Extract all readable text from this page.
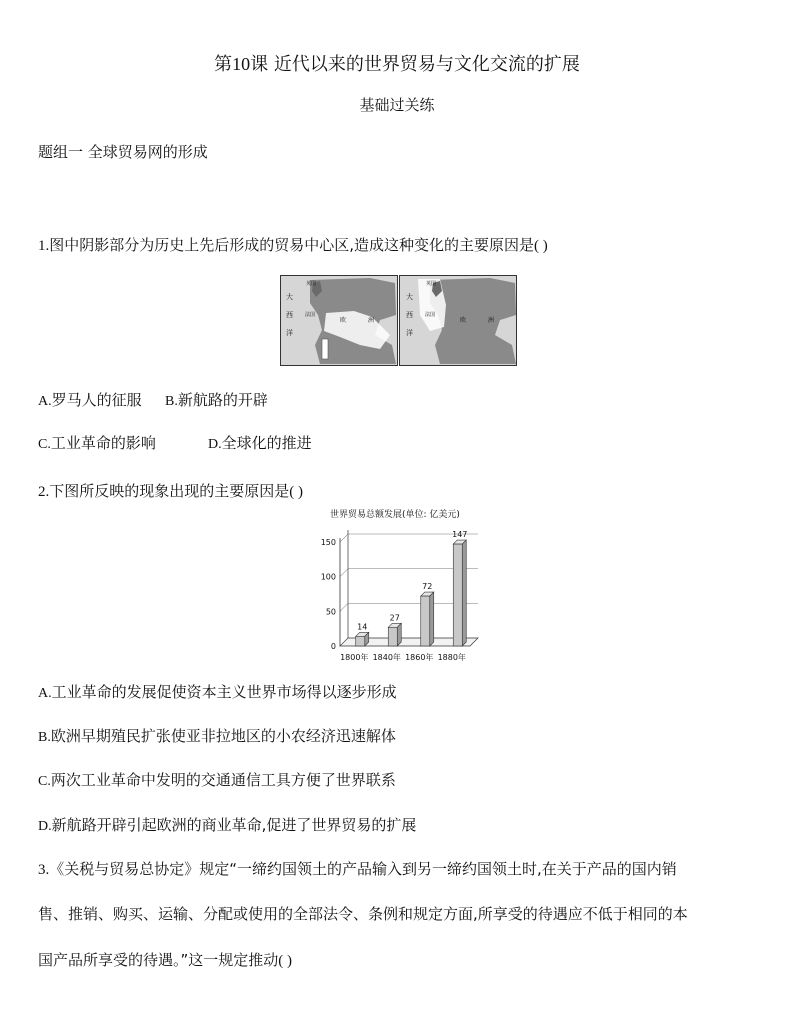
第10课 近代以来的世界贸易与文化交流的扩展
基础过关练
题组一 全球贸易网的形成
1.图中阴影部分为历史上先后形成的贸易中心区,造成这种变化的主要原因是( )
英国
法国
大
西
洋
欧	洲
英国
法国
大
西
洋
欧	洲
A.罗马人的征服 B.新航路的开辟
C.工业革命的影响	D.全球化的推进
2.下图所反映的现象出现的主要原因是( )
世界贸易总额发展(单位: 亿美元)
0
50
100
150
14
1800年
27
1840年
72
1860年
147
1880年
A.工业革命的发展促使资本主义世界市场得以逐步形成
B.欧洲早期殖民扩张使亚非拉地区的小农经济迅速解体
C.两次工业革命中发明的交通通信工具方便了世界联系
D.新航路开辟引起欧洲的商业革命,促进了世界贸易的扩展
3.《关税与贸易总协定》规定“一缔约国领土的产品输入到另一缔约国领土时,在关于产品的国内销
售、推销、购买、运输、分配或使用的全部法令、条例和规定方面,所享受的待遇应不低于相同的本
国产品所享受的待遇。”这一规定推动( )
